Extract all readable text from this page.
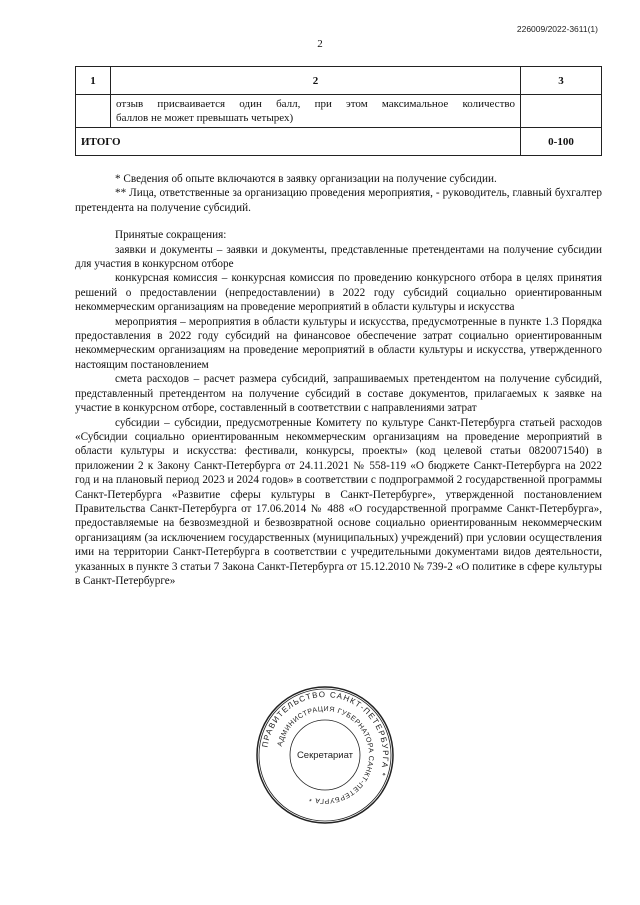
226009/2022-3611(1)
2
1	2	3
	отзыв присваивается один балл, при этом максимальное количество
баллов не может превышать четырех)	

ИТОГО		0-100

* Сведения об опыте включаются в заявку организации на получение субсидии.

** Лица, ответственные за организацию проведения мероприятия, - руководитель, главный бухгалтер претендента на получение субсидий.

Принятые сокращения:

заявки и документы – заявки и документы, представленные претендентами на получение субсидии для участия в конкурсном отборе

конкурсная комиссия – конкурсная комиссия по проведению конкурсного отбора в целях принятия решений о предоставлении (непредоставлении) в 2022 году субсидий социально ориентированным некоммерческим организациям на проведение мероприятий в области культуры и искусства

мероприятия – мероприятия в области культуры и искусства, предусмотренные в пункте 1.3 Порядка предоставления в 2022 году субсидий на финансовое обеспечение затрат социально ориентированным некоммерческим организациям на проведение мероприятий в области культуры и искусства, утвержденного настоящим постановлением

смета расходов – расчет размера субсидий, запрашиваемых претендентом на получение субсидий, представленный претендентом на получение субсидий в составе документов, прилагаемых к заявке на участие в конкурсном отборе, составленный в соответствии с направлениями затрат

субсидии – субсидии, предусмотренные Комитету по культуре Санкт-Петербурга статьей расходов «Субсидии социально ориентированным некоммерческим организациям на проведение мероприятий в области культуры и искусства: фестивали, конкурсы, проекты» (код целевой статьи 0820071540) в приложении 2 к Закону Санкт-Петербурга от 24.11.2021 № 558-119 «О бюджете Санкт-Петербурга на 2022 год и на плановый период 2023 и 2024 годов» в соответствии с подпрограммой 2 государственной программы Санкт-Петербурга «Развитие сферы культуры в Санкт-Петербурге», утвержденной постановлением Правительства Санкт-Петербурга от 17.06.2014 № 488 «О государственной программе Санкт-Петербурга», предоставляемые на безвозмездной и безвозвратной основе социально ориентированным некоммерческим организациям (за исключением государственных (муниципальных) учреждений) при условии осуществления ими на территории Санкт-Петербурга в соответствии с учредительными документами видов деятельности, указанных в пункте 3 статьи 7 Закона Санкт-Петербурга от 15.12.2010 № 739-2 «О политике в сфере культуры в Санкт-Петербурге»

ПРАВИТЕЛЬСТВО САНКТ-ПЕТЕРБУРГА *
АДМИНИСТРАЦИЯ ГУБЕРНАТОРА САНКТ-ПЕТЕРБУРГА *
Секретариат
